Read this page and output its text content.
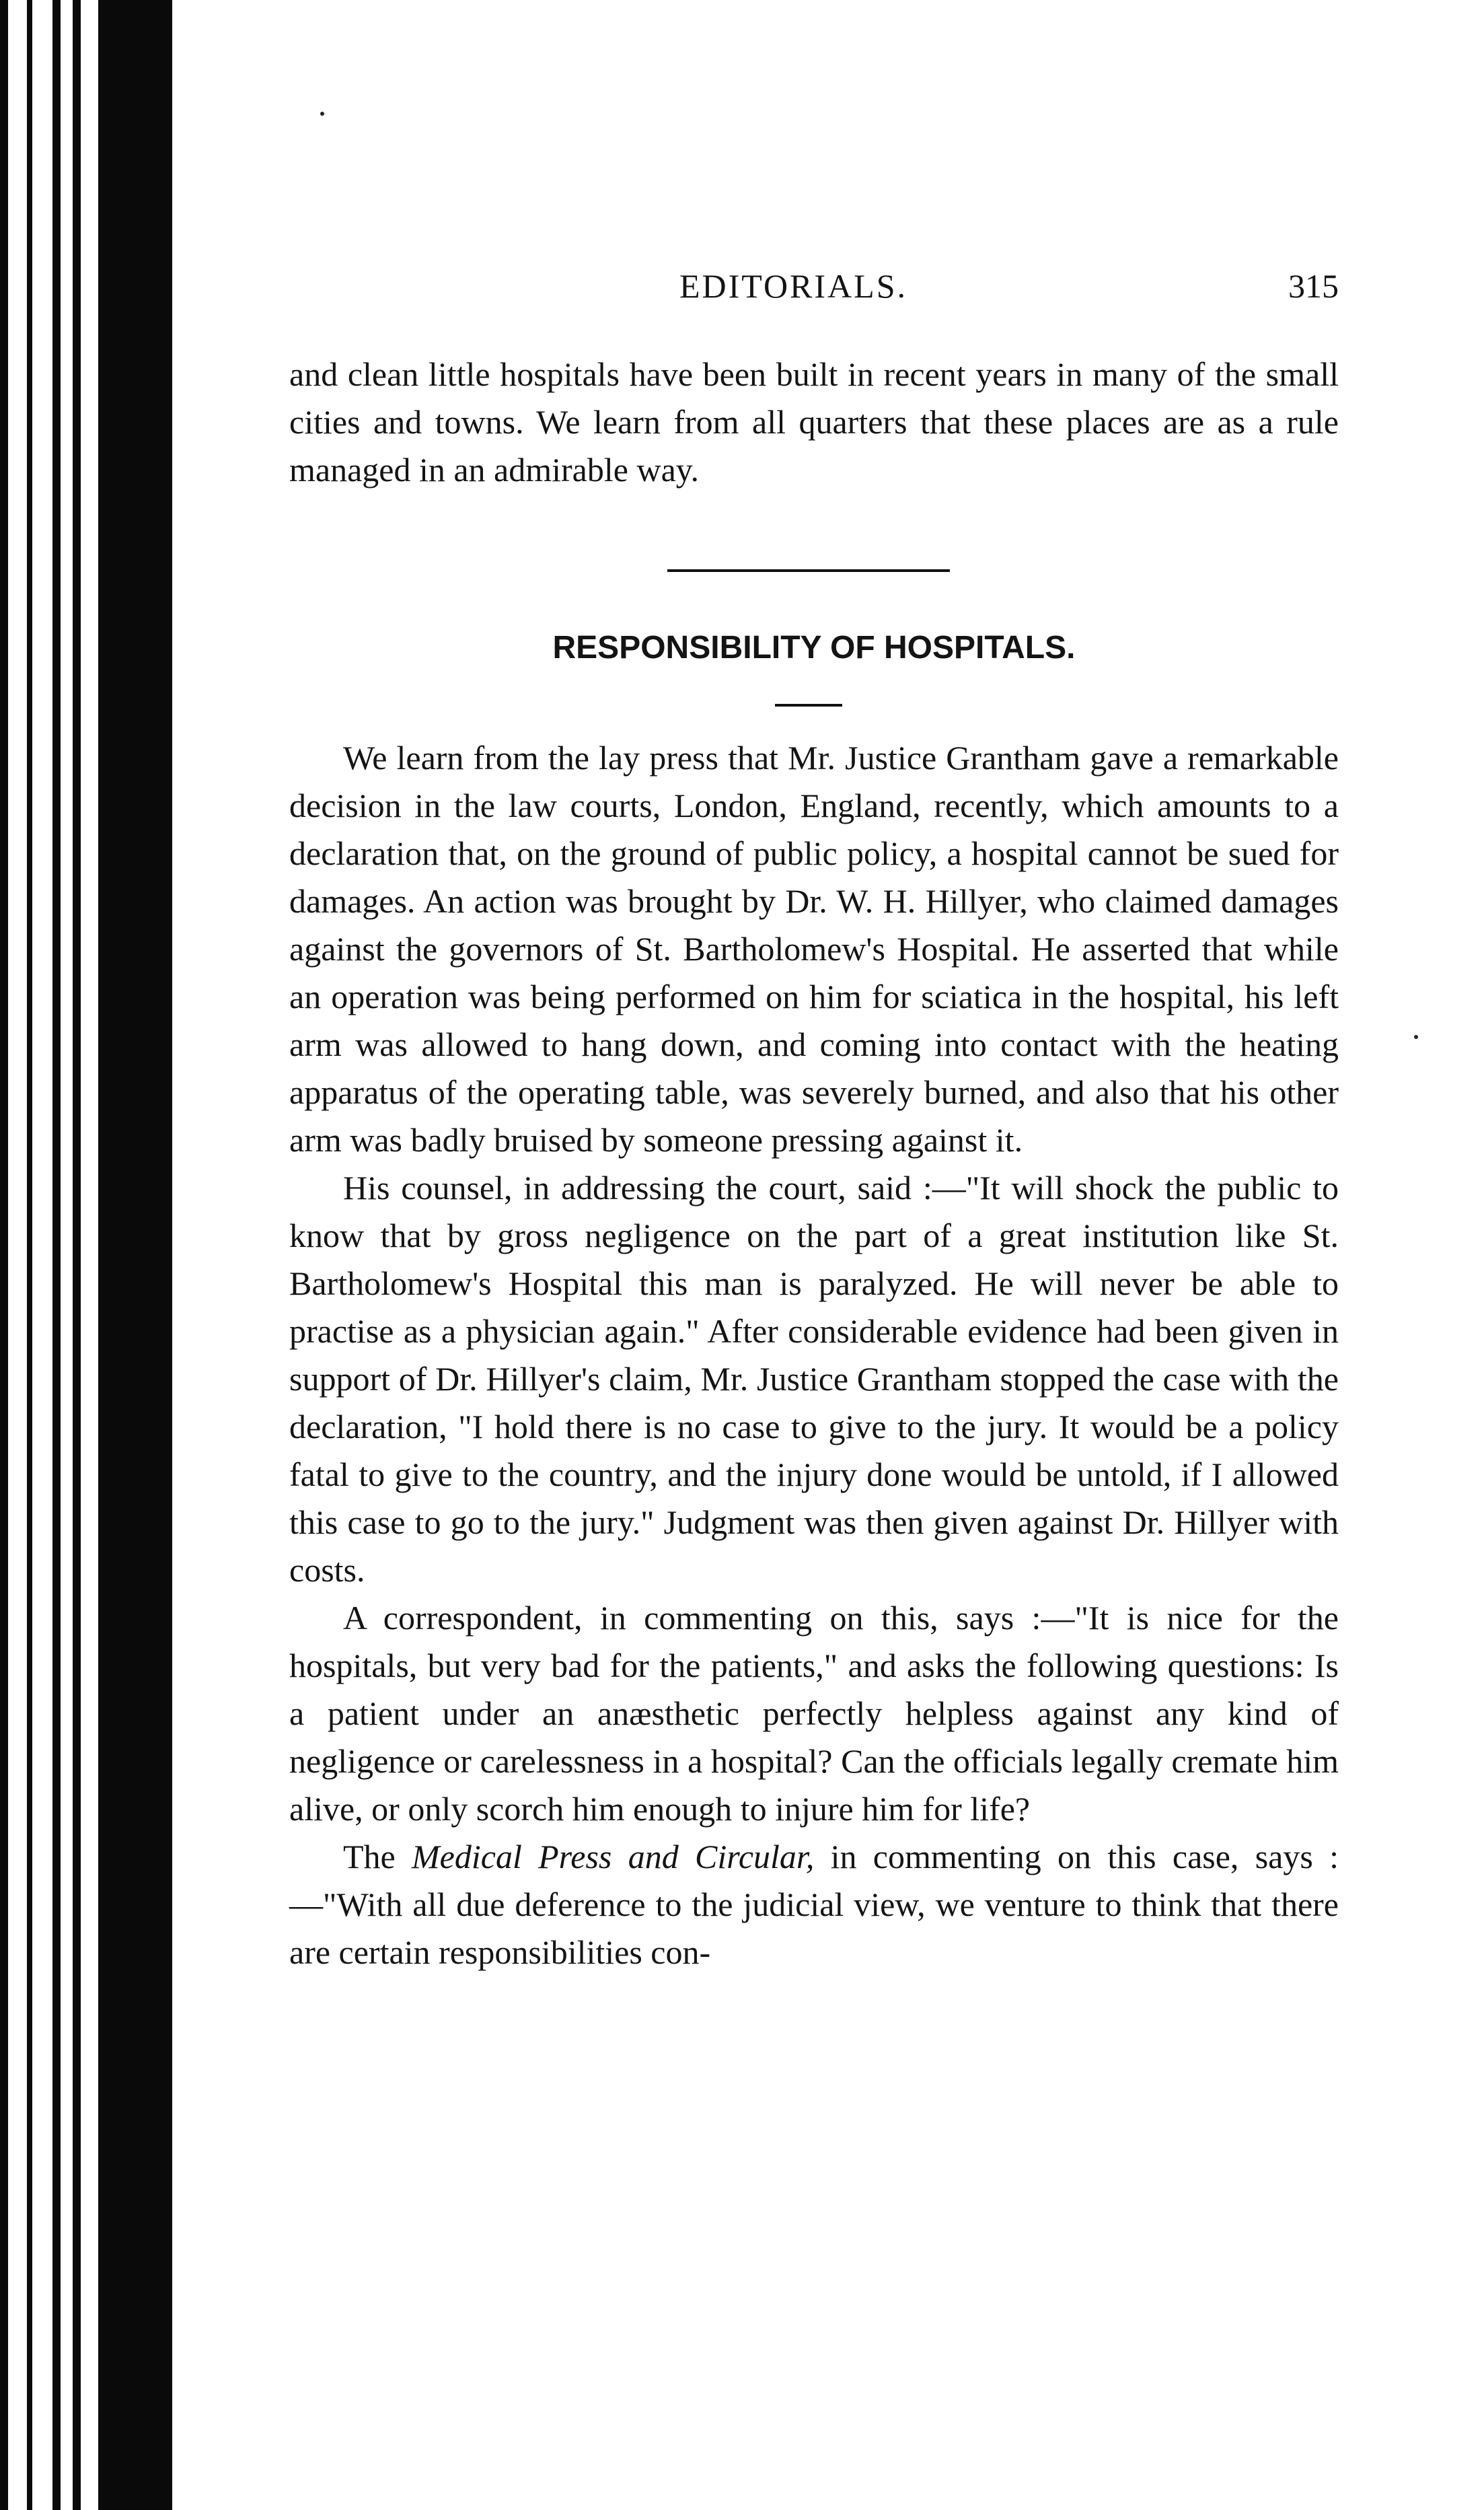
EDITORIALS.	315

and clean little hospitals have been built in recent years in many of the small cities and towns. We learn from all quarters that these places are as a rule managed in an admirable way.

RESPONSIBILITY OF HOSPITALS.

We learn from the lay press that Mr. Justice Grantham gave a remarkable decision in the law courts, London, England, recently, which amounts to a declaration that, on the ground of public policy, a hospital cannot be sued for damages. An action was brought by Dr. W. H. Hillyer, who claimed damages against the governors of St. Bartholomew's Hospital. He asserted that while an operation was being performed on him for sciatica in the hospital, his left arm was allowed to hang down, and coming into contact with the heating apparatus of the operating table, was severely burned, and also that his other arm was badly bruised by someone pressing against it.

His counsel, in addressing the court, said :—"It will shock the public to know that by gross negligence on the part of a great institution like St. Bartholomew's Hospital this man is paralyzed. He will never be able to practise as a physician again." After considerable evidence had been given in support of Dr. Hillyer's claim, Mr. Justice Grantham stopped the case with the declaration, "I hold there is no case to give to the jury. It would be a policy fatal to give to the country, and the injury done would be untold, if I allowed this case to go to the jury." Judgment was then given against Dr. Hillyer with costs.

A correspondent, in commenting on this, says :—"It is nice for the hospitals, but very bad for the patients," and asks the following questions: Is a patient under an anæsthetic perfectly helpless against any kind of negligence or carelessness in a hospital? Can the officials legally cremate him alive, or only scorch him enough to injure him for life?

The Medical Press and Circular, in commenting on this case, says :—"With all due deference to the judicial view, we venture to think that there are certain responsibilities con-
